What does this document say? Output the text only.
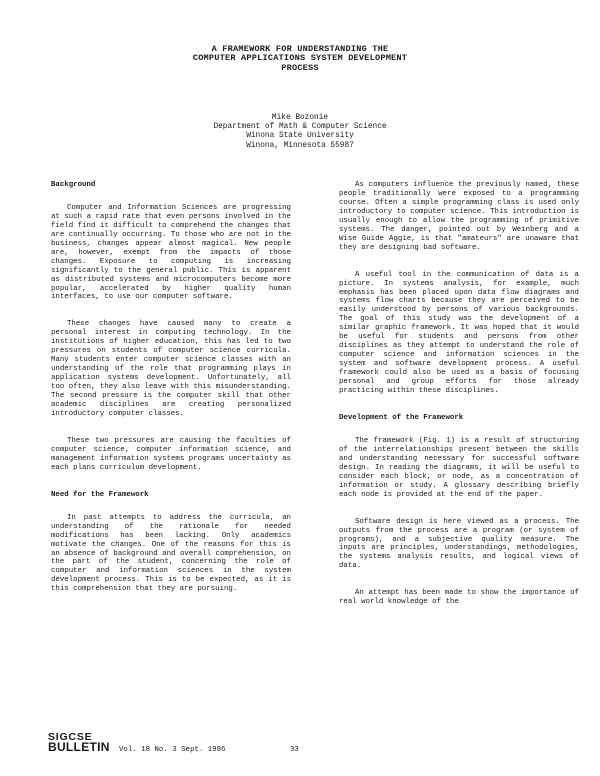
A FRAMEWORK FOR UNDERSTANDING THE
COMPUTER APPLICATIONS SYSTEM DEVELOPMENT
PROCESS
Mike Bozonie
Department of Math & Computer Science
Winona State University
Winona, Minnesota 55987
Background

Computer and Information Sciences are progressing at such a rapid rate that even persons involved in the field find it difficult to comprehend the changes that are continually occurring. To those who are not in the business, changes appear almost magical. New people are, however, exempt from the impacts of those changes. Exposure to computing is increasing significantly to the general public. This is apparent as distributed systems and microcomputers become more popular, accelerated by higher quality human interfaces, to use our computer software.

These changes have caused many to create a personal interest in computing technology. In the institutions of higher education, this has led to two pressures on students of computer science curricula. Many students enter computer science classes with an understanding of the role that programming plays in application systems development. Unfortunately, all too often, they also leave with this misunderstanding. The second pressure is the computer skill that other academic disciplines are creating personalized introductory computer classes.

These two pressures are causing the faculties of computer science, computer information science, and management information systems programs uncertainty as each plans curriculum development.

Need for the Framework

In past attempts to address the curricula, an understanding of the rationale for needed modifications has been lacking. Only academics motivate the changes. One of the reasons for this is an absence of background and overall comprehension, on the part of the student, concerning the role of computer and information sciences in the system development process. This is to be expected, as it is this comprehension that they are pursuing.

As computers influence the previously named, these people traditionally were exposed to a programming course. Often a simple programming class is used only introductory to computer science. This introduction is usually enough to allow the programming of primitive systems. The danger, pointed out by Weinberg and a Wise Guide Aggie, is that "amateurs" are unaware that they are designing bad software.

A useful tool in the communication of data is a picture. In systems analysis, for example, much emphasis has been placed upon data flow diagrams and systems flow charts because they are perceived to be easily understood by persons of various backgrounds. The goal of this study was the development of a similar graphic framework. It was hoped that it would be useful for students and persons from other disciplines as they attempt to understand the role of computer science and information sciences in the system and software development process. A useful framework could also be used as a basis of focusing personal and group efforts for those already practicing within these disciplines.

Development of the Framework

The framework (Fig. 1) is a result of structuring of the interrelationships present between the skills and understanding necessary for successful software design. In reading the diagrams, it will be useful to consider each block, or node, as a concentration of information or study. A glossary describing briefly each node is provided at the end of the paper.

Software design is here viewed as a process. The outputs from the process are a program (or system of programs), and a subjective quality measure. The inputs are principles, understandings, methodologies, the systems analysis results, and logical views of data.

An attempt has been made to show the importance of real world knowledge of the

SIGCSE
BULLETIN Vol. 18 No. 3 Sept. 1986	33
